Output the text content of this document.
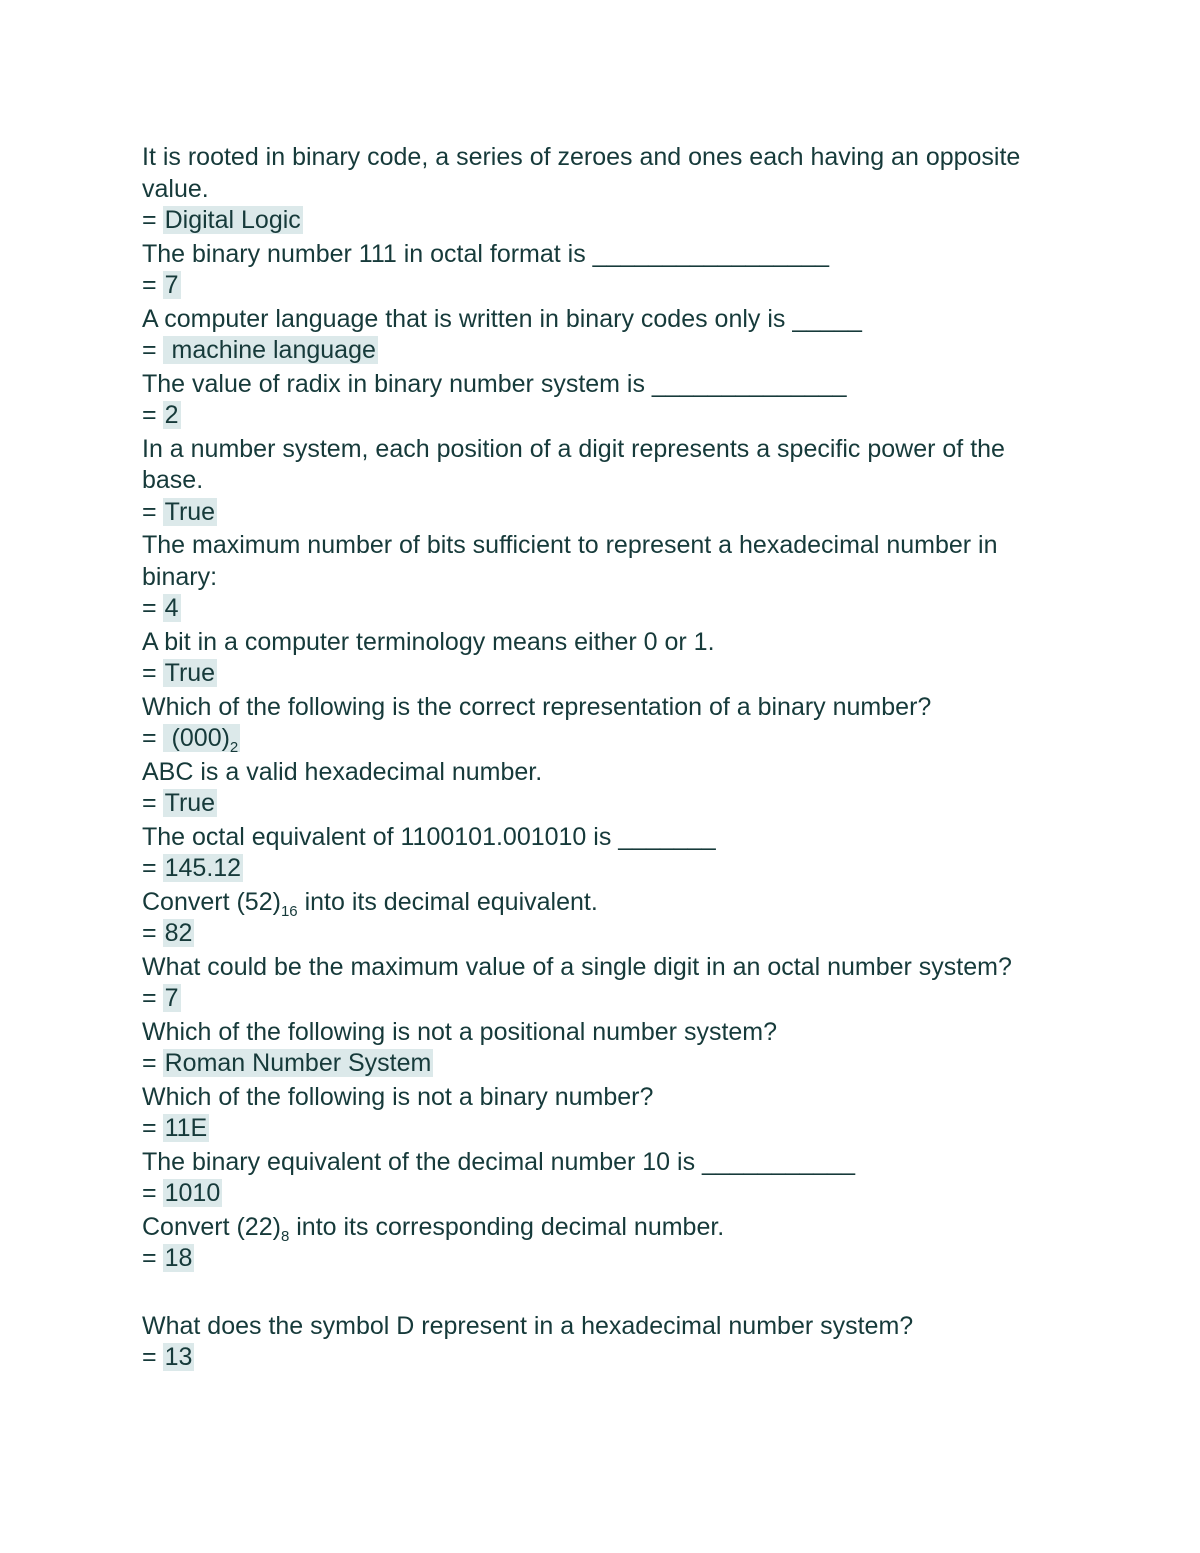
It is rooted in binary code, a series of zeroes and ones each having an opposite value.

= Digital Logic

The binary number 111 in octal format is _________________

= 7

A computer language that is written in binary codes only is _____

= machine language

The value of radix in binary number system is ______________

= 2

In a number system, each position of a digit represents a specific power of the base.

= True

The maximum number of bits sufficient to represent a hexadecimal number in binary:

= 4

A bit in a computer terminology means either 0 or 1.

= True

Which of the following is the correct representation of a binary number?

= $(000)_2$

ABC is a valid hexadecimal number.

= True

The octal equivalent of 1100101.001010 is _______

= 145.12

Convert $(52)_{16}$ into its decimal equivalent.

= 82

What could be the maximum value of a single digit in an octal number system?

= 7

Which of the following is not a positional number system?

= Roman Number System

Which of the following is not a binary number?

= 11E

The binary equivalent of the decimal number 10 is ___________

= 1010

Convert $(22)_8$ into its corresponding decimal number.

= 18

What does the symbol D represent in a hexadecimal number system?

= 13
